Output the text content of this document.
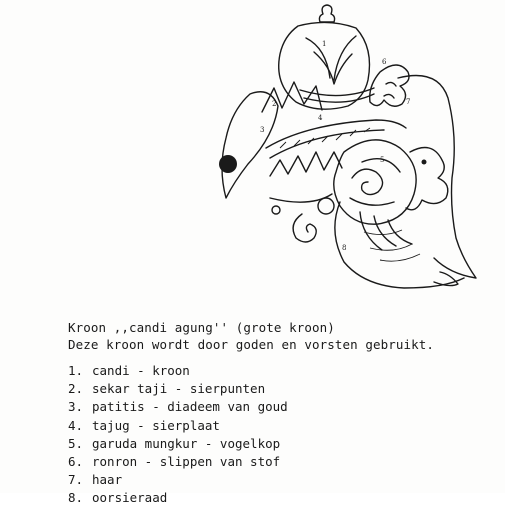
1
2
3
4
5
6
7
8
Kroon ,,candi agung'' (grote kroon)
Deze kroon wordt door goden en vorsten gebruikt.
1. candi - kroon
2. sekar taji - sierpunten
3. patitis - diadeem van goud
4. tajug - sierplaat
5. garuda mungkur - vogelkop
6. ronron - slippen van stof
7. haar
8. oorsieraad
